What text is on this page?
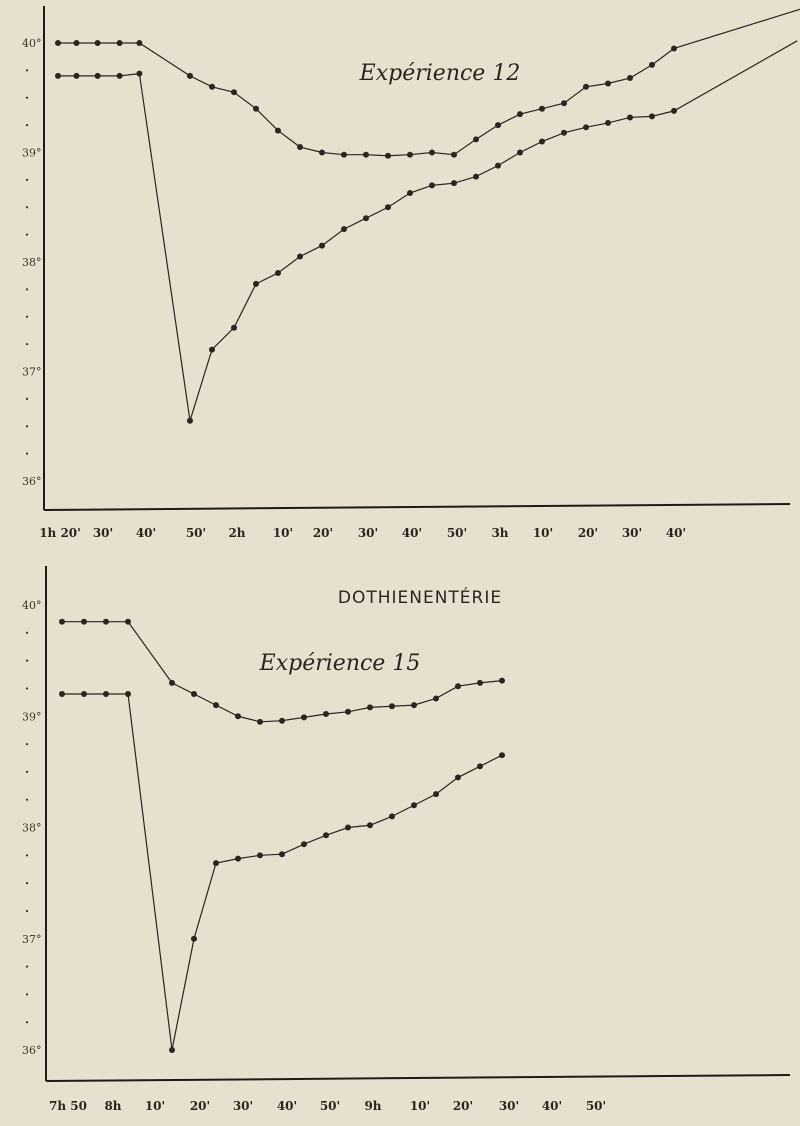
40°
39°
38°
37°
36°
1h 20' 30' 40' 50' 2h 10' 20' 30' 40' 50' 3h 10' 20' 30' 40'
Expérience 12
40°
39°
38°
37°
36°
7h 50 8h 10' 20' 30' 40' 50' 9h 10' 20' 30' 40' 50'
Expérience 15
DOTHIENENTÉRIE
